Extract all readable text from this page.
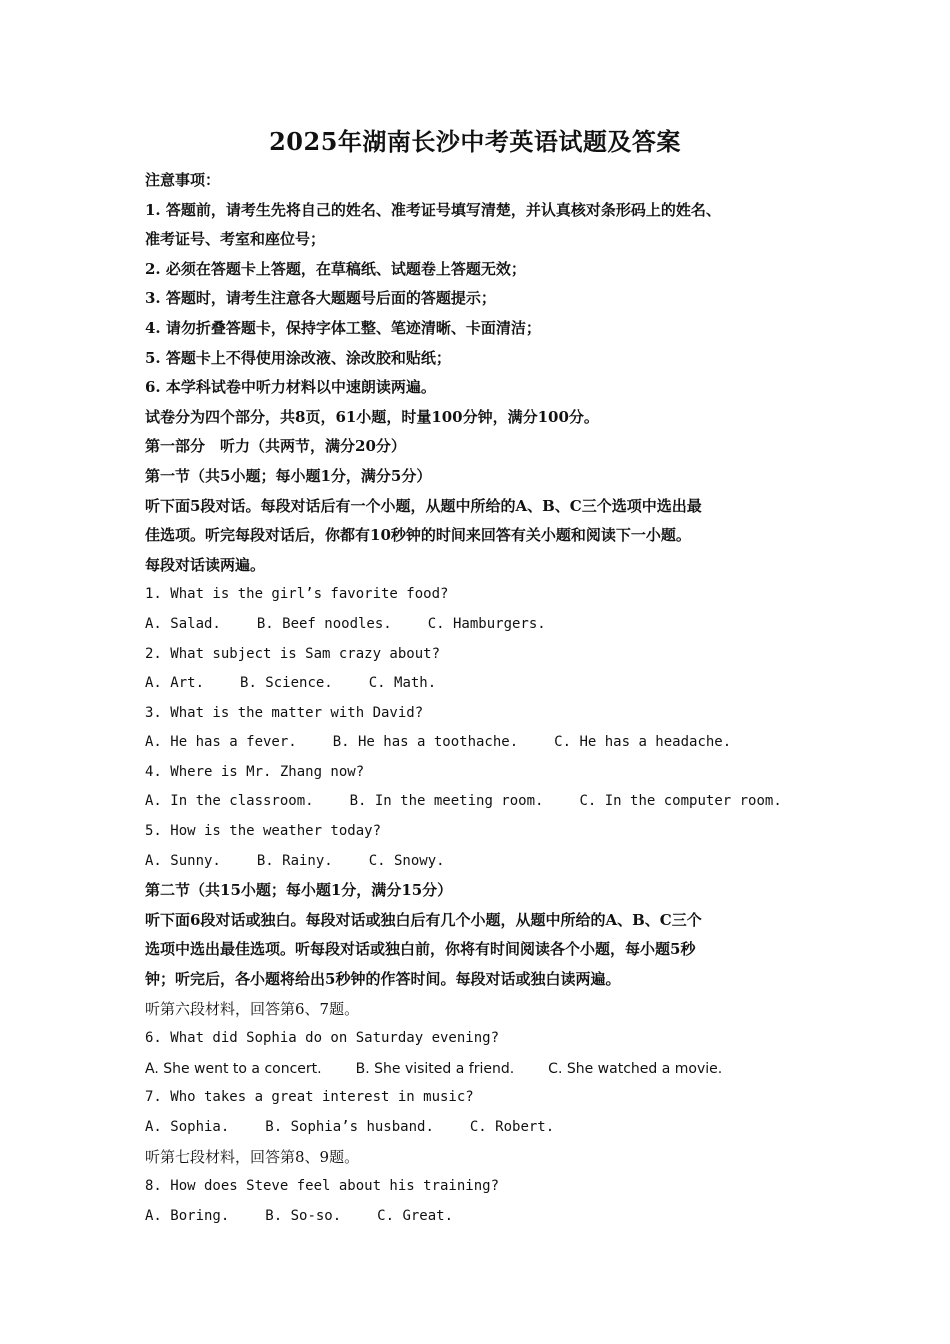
2025年湖南长沙中考英语试题及答案
注意事项：
1. 答题前，请考生先将自己的姓名、准考证号填写清楚，并认真核对条形码上的姓名、
准考证号、考室和座位号；
2. 必须在答题卡上答题，在草稿纸、试题卷上答题无效；
3. 答题时，请考生注意各大题题号后面的答题提示；
4. 请勿折叠答题卡，保持字体工整、笔迹清晰、卡面清洁；
5. 答题卡上不得使用涂改液、涂改胶和贴纸；
6. 本学科试卷中听力材料以中速朗读两遍。
试卷分为四个部分，共8页，61小题，时量100分钟，满分100分。
第一部分　听力（共两节，满分20分）
第一节（共5小题；每小题1分，满分5分）
听下面5段对话。每段对话后有一个小题，从题中所给的A、B、C三个选项中选出最
佳选项。听完每段对话后，你都有10秒钟的时间来回答有关小题和阅读下一小题。
每段对话读两遍。
1. What is the girl’s favorite food?
A. Salad.	B. Beef noodles.	C. Hamburgers.
2. What subject is Sam crazy about?
A. Art.	B. Science.	C. Math.
3. What is the matter with David?
A. He has a fever.	B. He has a toothache.	C. He has a headache.
4. Where is Mr. Zhang now?
A. In the classroom.	B. In the meeting room.	C. In the computer room.
5. How is the weather today?
A. Sunny.	B. Rainy.	C. Snowy.
第二节（共15小题；每小题1分，满分15分）
听下面6段对话或独白。每段对话或独白后有几个小题，从题中所给的A、B、C三个
选项中选出最佳选项。听每段对话或独白前，你将有时间阅读各个小题，每小题5秒
钟；听完后，各小题将给出5秒钟的作答时间。每段对话或独白读两遍。
听第六段材料，回答第6、7题。
6. What did Sophia do on Saturday evening?
A. She went to a concert. B. She visited a friend. C. She watched a movie.
7. Who takes a great interest in music?
A. Sophia.	B. Sophia’s husband.	C. Robert.
听第七段材料，回答第8、9题。
8. How does Steve feel about his training?
A. Boring.	B. So-so.	C. Great.
